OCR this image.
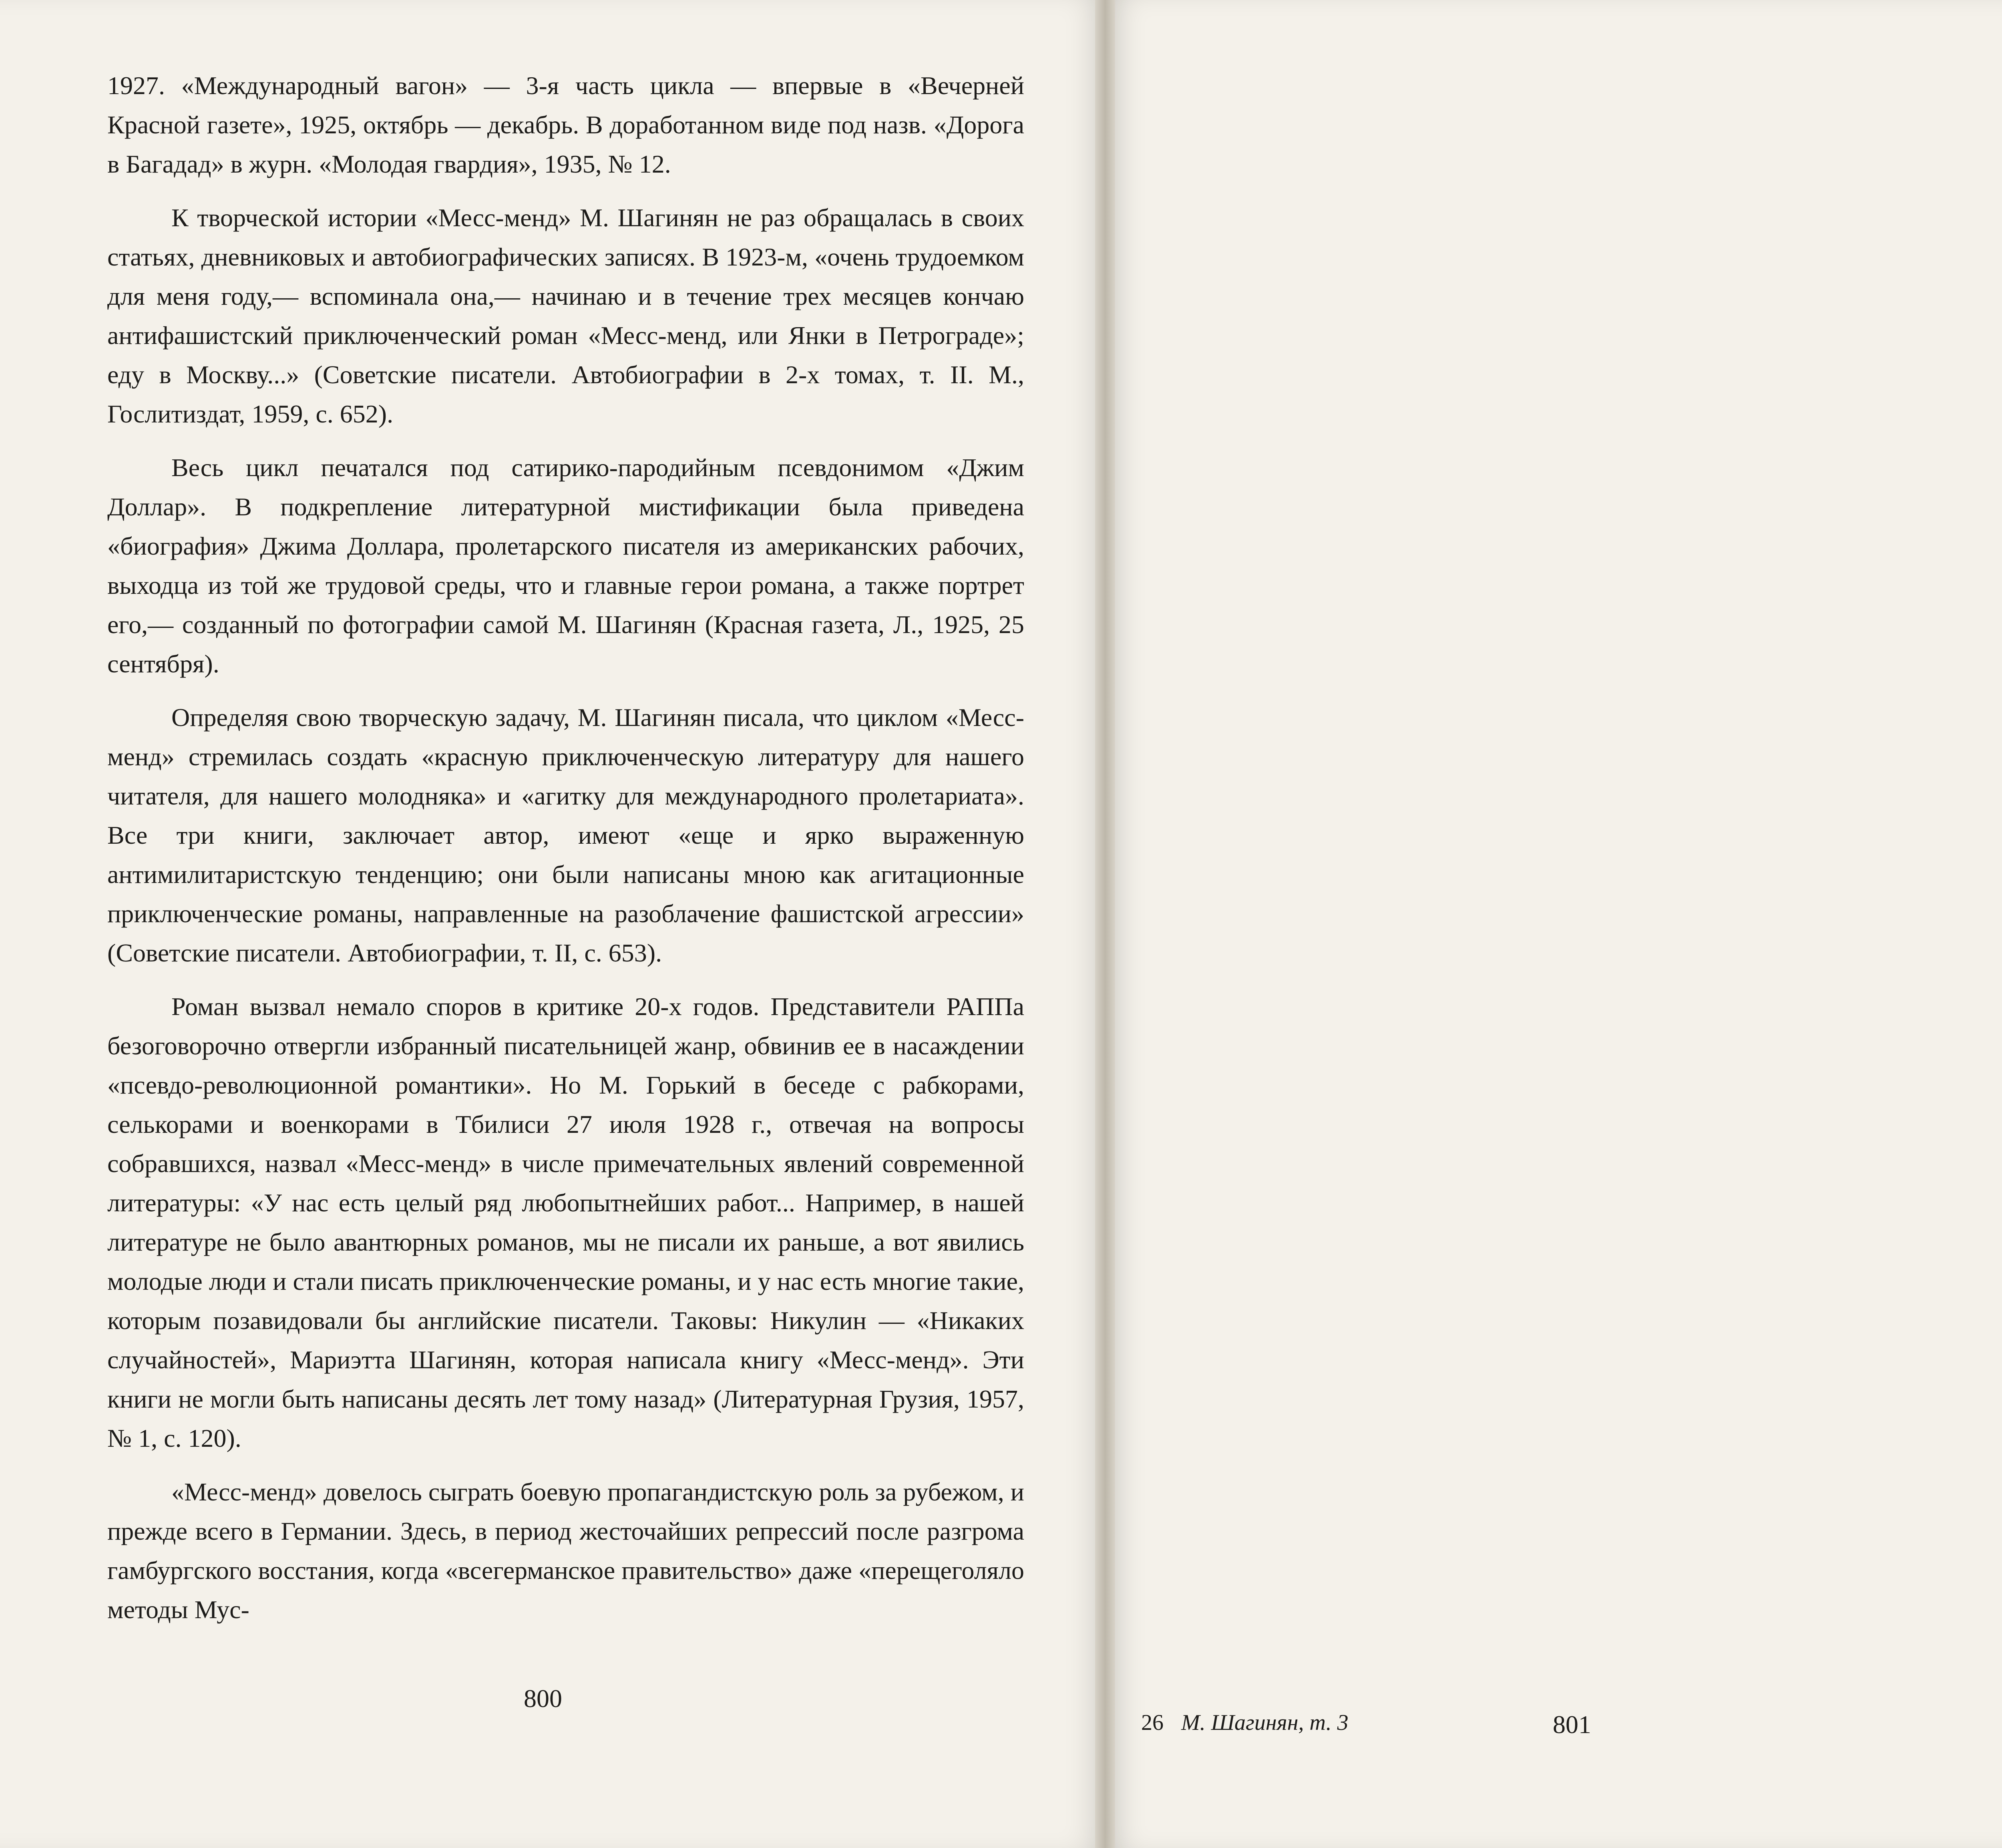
1927. «Международный вагон» — 3-я часть цикла — впервые в «Вечерней Красной газете», 1925, октябрь — декабрь. В доработанном виде под назв. «Дорога в Багадад» в журн. «Молодая гвардия», 1935, № 12.

К творческой истории «Месс-менд» М. Шагинян не раз обращалась в своих статьях, дневниковых и автобиографических записях. В 1923-м, «очень трудоемком для меня году,— вспоминала она,— начинаю и в течение трех месяцев кончаю антифашистский приключенческий роман «Месс-менд, или Янки в Петрограде»; еду в Москву...» (Советские писатели. Автобиографии в 2-х томах, т. II. М., Гослитиздат, 1959, с. 652).

Весь цикл печатался под сатирико-пародийным псевдонимом «Джим Доллар». В подкрепление литературной мистификации была приведена «биография» Джима Доллара, пролетарского писателя из американских рабочих, выходца из той же трудовой среды, что и главные герои романа, а также портрет его,— созданный по фотографии самой М. Шагинян (Красная газета, Л., 1925, 25 сентября).

Определяя свою творческую задачу, М. Шагинян писала, что циклом «Месс-менд» стремилась создать «красную приключенческую литературу для нашего читателя, для нашего молодняка» и «агитку для международного пролетариата». Все три книги, заключает автор, имеют «еще и ярко выраженную антимилитаристскую тенденцию; они были написаны мною как агитационные приключенческие романы, направленные на разоблачение фашистской агрессии» (Советские писатели. Автобиографии, т. II, с. 653).

Роман вызвал немало споров в критике 20-х годов. Представители РАППа безоговорочно отвергли избранный писательницей жанр, обвинив ее в насаждении «псевдо-революционной романтики». Но М. Горький в беседе с рабкорами, селькорами и военкорами в Тбилиси 27 июля 1928 г., отвечая на вопросы собравшихся, назвал «Месс-менд» в числе примечательных явлений современной литературы: «У нас есть целый ряд любопытнейших работ... Например, в нашей литературе не было авантюрных романов, мы не писали их раньше, а вот явились молодые люди и стали писать приключенческие романы, и у нас есть многие такие, которым позавидовали бы английские писатели. Таковы: Никулин — «Никаких случайностей», Мариэтта Шагинян, которая написала книгу «Месс-менд». Эти книги не могли быть написаны десять лет тому назад» (Литературная Грузия, 1957, № 1, с. 120).

«Месс-менд» довелось сыграть боевую пропагандистскую роль за рубежом, и прежде всего в Германии. Здесь, в период жесточайших репрессий после разгрома гамбургского восстания, когда «всегерманское правительство» даже «перещеголяло методы Мус-

800

26 М. Шагинян, т. 3	801
